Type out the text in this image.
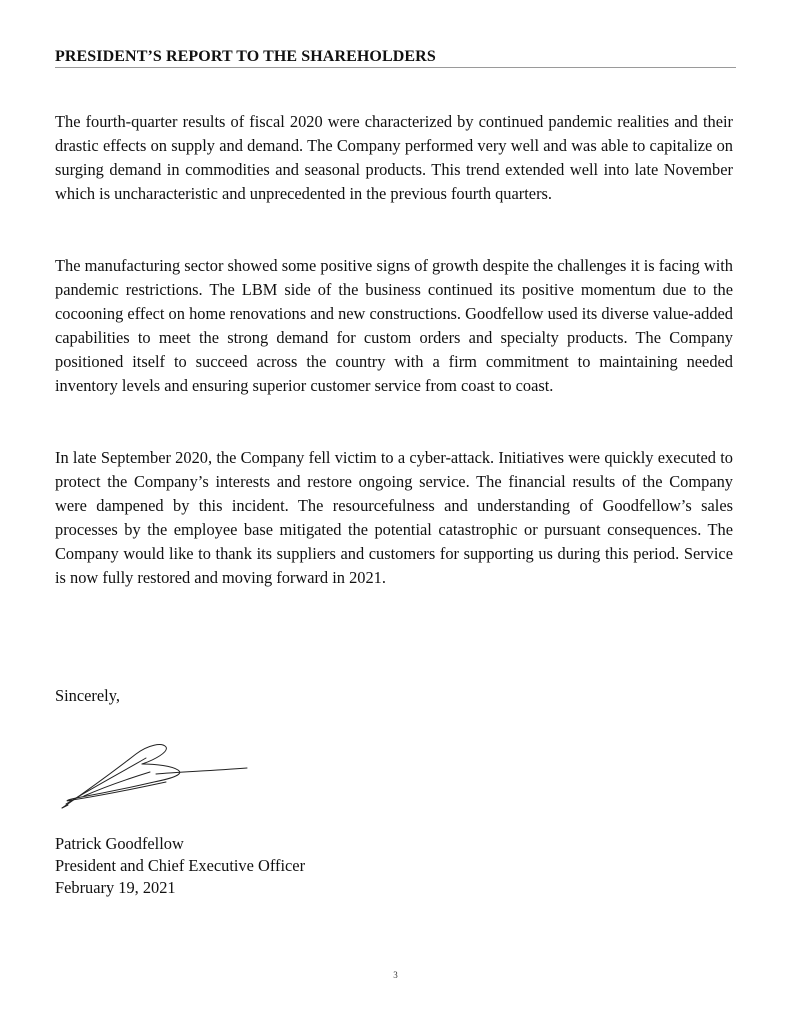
PRESIDENT’S REPORT TO THE SHAREHOLDERS

The fourth-quarter results of fiscal 2020 were characterized by continued pandemic realities and their drastic effects on supply and demand. The Company performed very well and was able to capitalize on surging demand in commodities and seasonal products. This trend extended well into late November which is uncharacteristic and unprecedented in the previous fourth quarters.

The manufacturing sector showed some positive signs of growth despite the challenges it is facing with pandemic restrictions. The LBM side of the business continued its positive momentum due to the cocooning effect on home renovations and new constructions. Goodfellow used its diverse value-added capabilities to meet the strong demand for custom orders and specialty products. The Company positioned itself to succeed across the country with a firm commitment to maintaining needed inventory levels and ensuring superior customer service from coast to coast.

In late September 2020, the Company fell victim to a cyber-attack. Initiatives were quickly executed to protect the Company’s interests and restore ongoing service. The financial results of the Company were dampened by this incident. The resourcefulness and understanding of Goodfellow’s sales processes by the employee base mitigated the potential catastrophic or pursuant consequences. The Company would like to thank its suppliers and customers for supporting us during this period. Service is now fully restored and moving forward in 2021.

Sincerely,

Patrick Goodfellow
President and Chief Executive Officer
February 19, 2021
3
